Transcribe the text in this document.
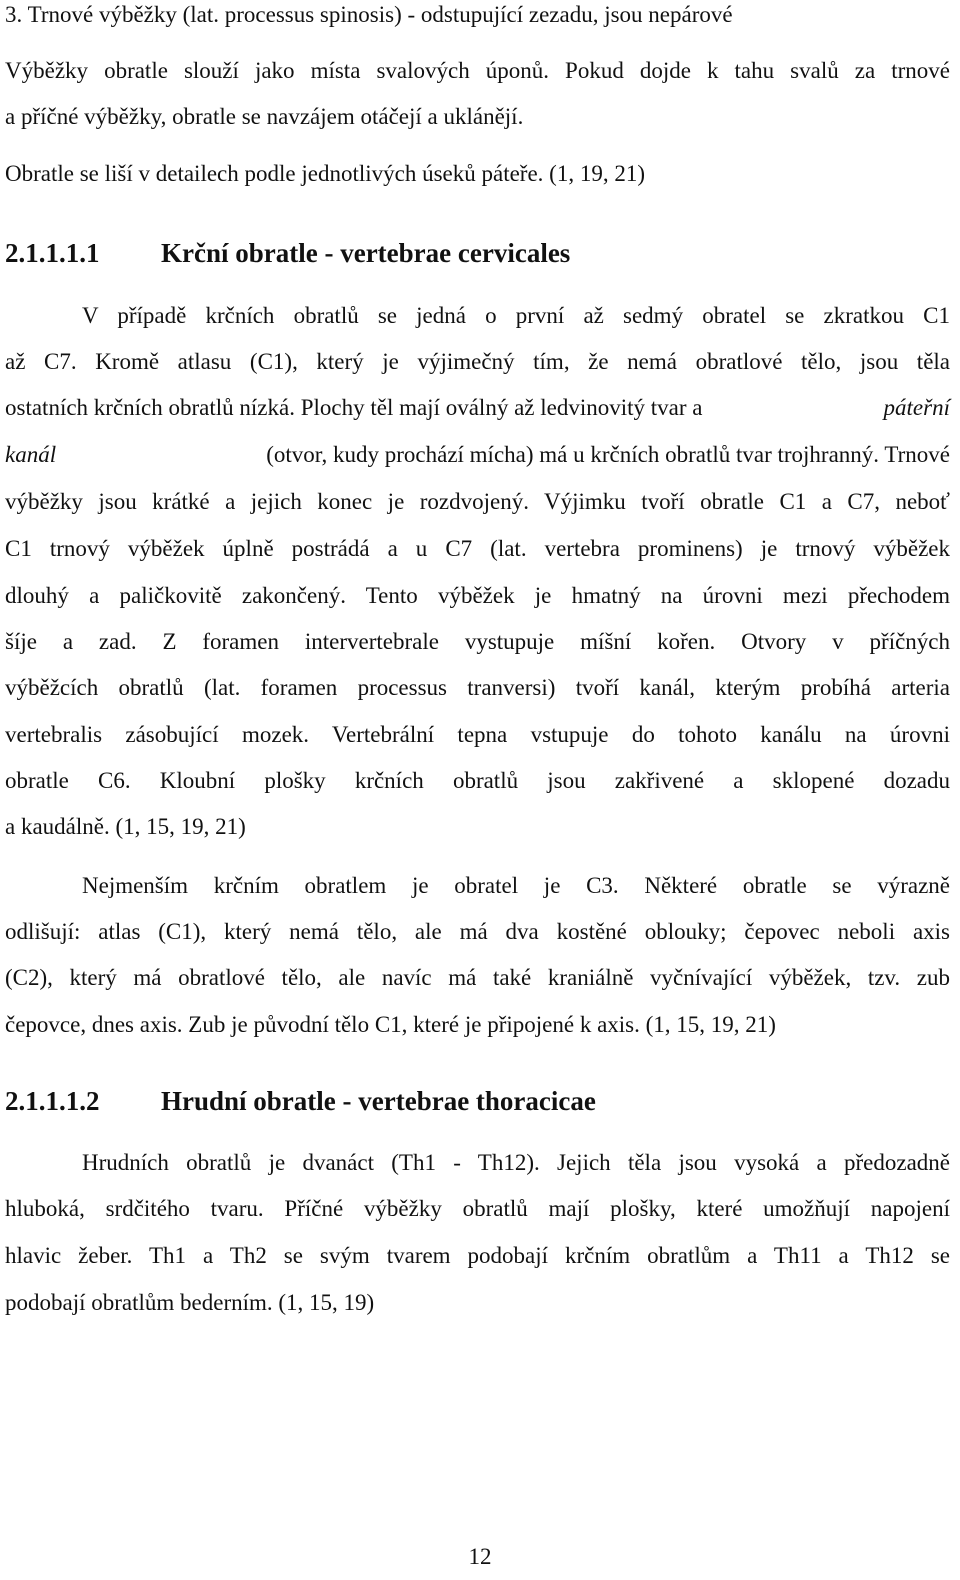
3. Trnové výběžky (lat. processus spinosis) - odstupující zezadu, jsou nepárové
Výběžky obratle slouží jako místa svalových úponů. Pokud dojde k tahu svalů za trnové
a příčné výběžky, obratle se navzájem otáčejí a uklánějí.
Obratle se liší v detailech podle jednotlivých úseků páteře. (1, 19, 21)
2.1.1.1.1 Krční obratle - vertebrae cervicales
V případě krčních obratlů se jedná o první až sedmý obratel se zkratkou C1
až C7. Kromě atlasu (C1), který je výjimečný tím, že nemá obratlové tělo, jsou těla
ostatních krčních obratlů nízká. Plochy těl mají oválný až ledvinovitý tvar a	páteřní
kanál	(otvor, kudy prochází mícha) má u krčních obratlů tvar trojhranný. Trnové
výběžky jsou krátké a jejich konec je rozdvojený. Výjimku tvoří obratle C1 a C7, neboť
C1 trnový výběžek úplně postrádá a u C7 (lat. vertebra prominens) je trnový výběžek
dlouhý a paličkovitě zakončený. Tento výběžek je hmatný na úrovni mezi přechodem
šíje a zad. Z foramen intervertebrale vystupuje míšní kořen. Otvory v příčných
výběžcích obratlů (lat. foramen processus tranversi) tvoří kanál, kterým probíhá arteria
vertebralis zásobující mozek. Vertebrální tepna vstupuje do tohoto kanálu na úrovni
obratle C6. Kloubní plošky krčních obratlů jsou zakřivené a sklopené dozadu
a kaudálně. (1, 15, 19, 21)
Nejmenším krčním obratlem je obratel je C3. Některé obratle se výrazně
odlišují: atlas (C1), který nemá tělo, ale má dva kostěné oblouky; čepovec neboli axis
(C2), který má obratlové tělo, ale navíc má také kraniálně vyčnívající výběžek, tzv. zub
čepovce, dnes axis. Zub je původní tělo C1, které je připojené k axis. (1, 15, 19, 21)
2.1.1.1.2 Hrudní obratle - vertebrae thoracicae
Hrudních obratlů je dvanáct (Th1 - Th12). Jejich těla jsou vysoká a předozadně
hluboká, srdčitého tvaru. Příčné výběžky obratlů mají plošky, které umožňují napojení
hlavic žeber. Th1 a Th2 se svým tvarem podobají krčním obratlům a Th11 a Th12 se
podobají obratlům bederním. (1, 15, 19)
12
